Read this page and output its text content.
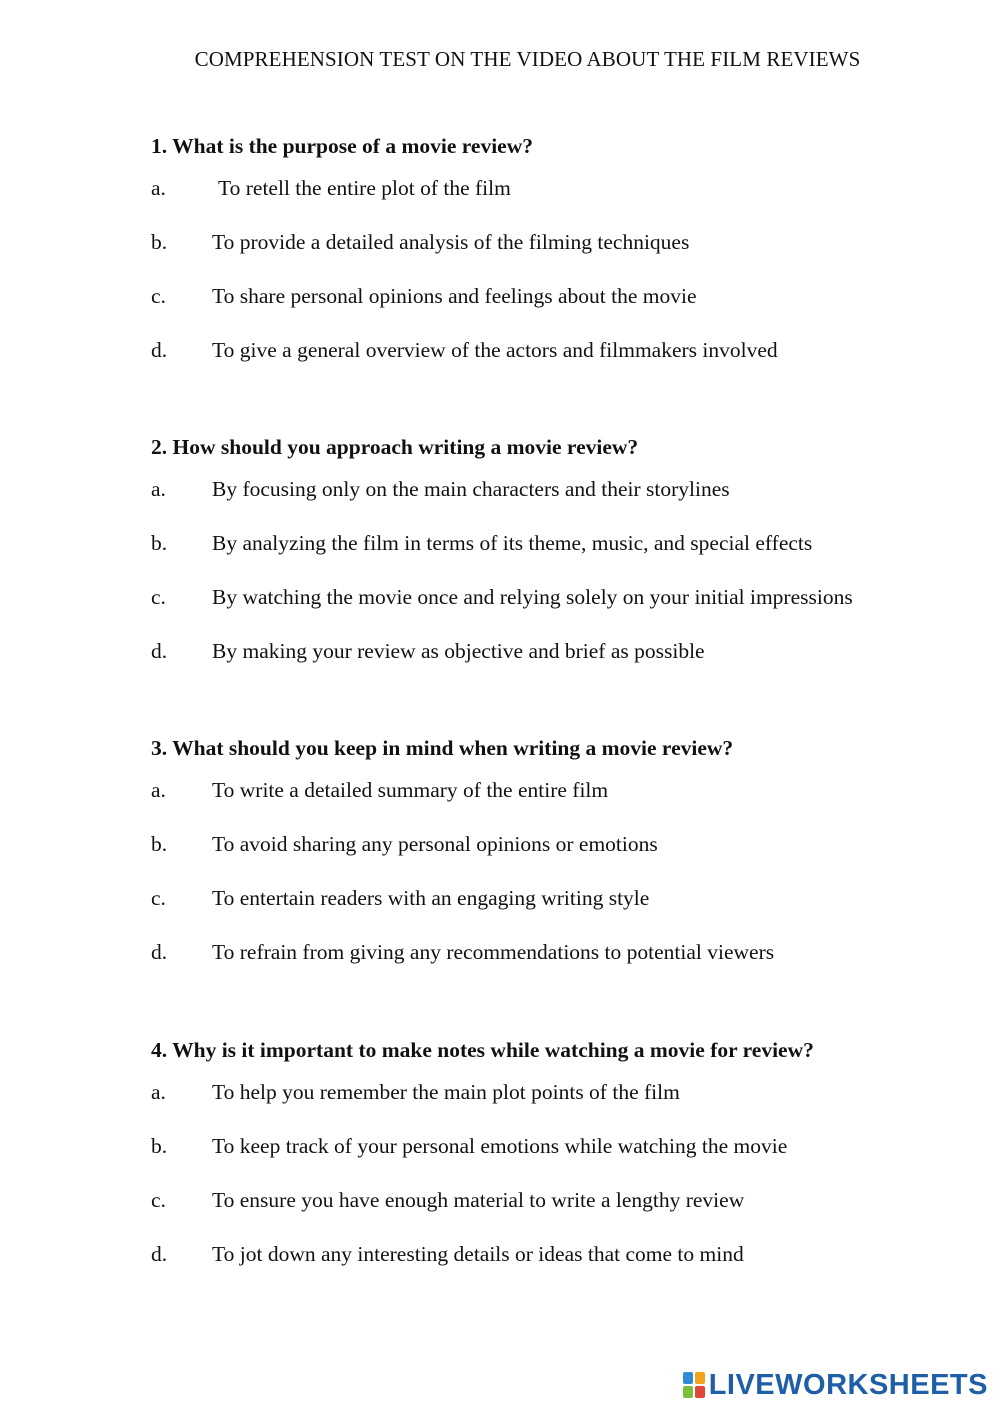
COMPREHENSION TEST ON THE VIDEO ABOUT THE FILM REVIEWS
1. What is the purpose of a movie review?
a. To retell the entire plot of the film
b. To provide a detailed analysis of the filming techniques
c. To share personal opinions and feelings about the movie
d. To give a general overview of the actors and filmmakers involved
2. How should you approach writing a movie review?
a. By focusing only on the main characters and their storylines
b. By analyzing the film in terms of its theme, music, and special effects
c. By watching the movie once and relying solely on your initial impressions
d. By making your review as objective and brief as possible
3. What should you keep in mind when writing a movie review?
a. To write a detailed summary of the entire film
b. To avoid sharing any personal opinions or emotions
c. To entertain readers with an engaging writing style
d. To refrain from giving any recommendations to potential viewers
4. Why is it important to make notes while watching a movie for review?
a. To help you remember the main plot points of the film
b. To keep track of your personal emotions while watching the movie
c. To ensure you have enough material to write a lengthy review
d. To jot down any interesting details or ideas that come to mind
LIVEWORKSHEETS
